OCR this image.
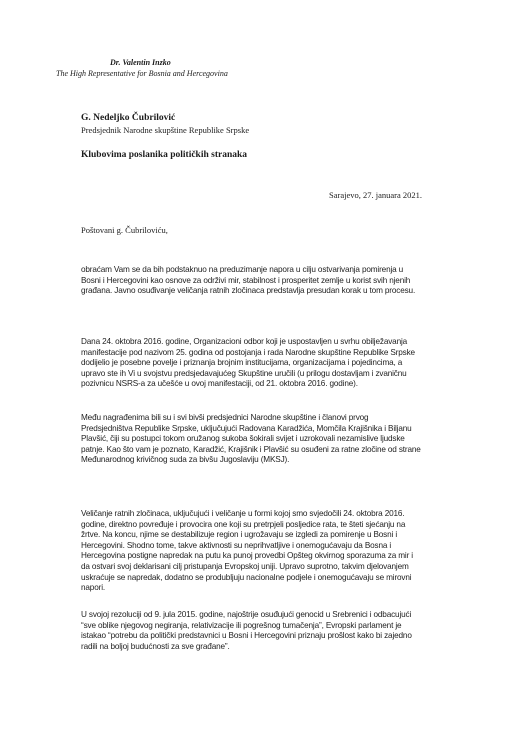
Dr. Valentin Inzko
The High Representative for Bosnia and Hercegovina
G. Nedeljko Čubrilović
Predsjednik Narodne skupštine Republike Srpske
Klubovima poslanika političkih stranaka
Sarajevo, 27. januara 2021.
Poštovani g. Čubriloviću,

obraćam Vam se da bih podstaknuo na preduzimanje napora u cilju ostvarivanja pomirenja u Bosni i Hercegovini kao osnove za održivi mir, stabilnost i prosperitet zemlje u korist svih njenih građana. Javno osuđivanje veličanja ratnih zločinaca predstavlja presudan korak u tom procesu.

Dana 24. oktobra 2016. godine, Organizacioni odbor koji je uspostavljen u svrhu obilježavanja manifestacije pod nazivom 25. godina od postojanja i rada Narodne skupštine Republike Srpske dodijelio je posebne povelje i priznanja brojnim institucijama, organizacijama i pojedincima, a upravo ste ih Vi u svojstvu predsjedavajućeg Skupštine uručili (u prilogu dostavljam i zvaničnu pozivnicu NSRS-a za učešće u ovoj manifestaciji, od 21. oktobra 2016. godine).

Među nagrađenima bili su i svi bivši predsjednici Narodne skupštine i članovi prvog Predsjedništva Republike Srpske, uključujući Radovana Karadžića, Momčila Krajišnika i Biljanu Plavšić, čiji su postupci tokom oružanog sukoba šokirali svijet i uzrokovali nezamislive ljudske patnje. Kao što vam je poznato, Karadžić, Krajišnik i Plavšić su osuđeni za ratne zločine od strane Međunarodnog krivičnog suda za bivšu Jugoslaviju (MKSJ).

Veličanje ratnih zločinaca, uključujući i veličanje u formi kojoj smo svjedočili 24. oktobra 2016. godine, direktno povređuje i provocira one koji su pretrpjeli posljedice rata, te šteti sjećanju na žrtve. Na koncu, njime se destabilizuje region i ugrožavaju se izgledi za pomirenje u Bosni i Hercegovini. Shodno tome, takve aktivnosti su neprihvatljive i onemogućavaju da Bosna i Hercegovina postigne napredak na putu ka punoj provedbi Opšteg okvirnog sporazuma za mir i da ostvari svoj deklarisani cilj pristupanja Evropskoj uniji. Upravo suprotno, takvim djelovanjem uskraćuje se napredak, dodatno se produbljuju nacionalne podjele i onemogućavaju se mirovni napori.

U svojoj rezoluciji od 9. jula 2015. godine, najoštrije osuđujući genocid u Srebrenici i odbacujući “sve oblike njegovog negiranja, relativizacije ili pogrešnog tumačenja”, Evropski parlament je istakao “potrebu da politički predstavnici u Bosni i Hercegovini priznaju prošlost kako bi zajedno radili na boljoj budućnosti za sve građane”.
